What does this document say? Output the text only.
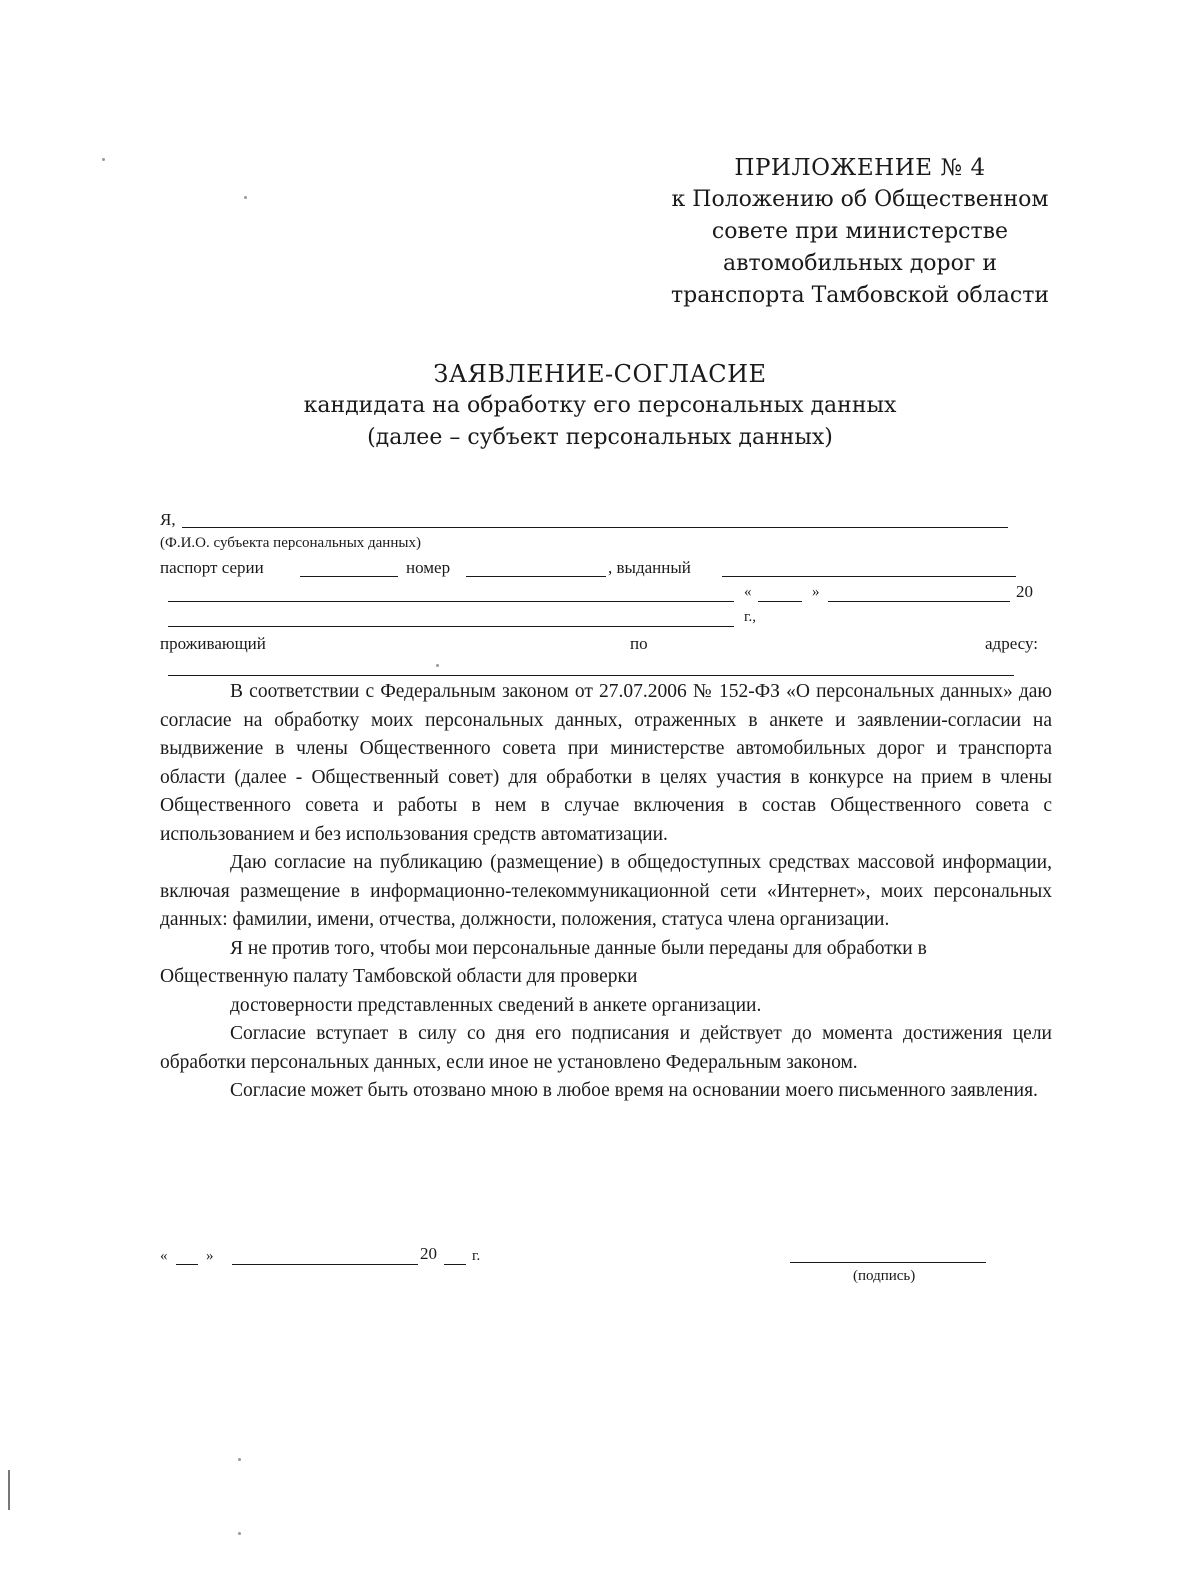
ПРИЛОЖЕНИЕ № 4
к Положению об Общественном
совете при министерстве
автомобильных дорог и
транспорта Тамбовской области
ЗАЯВЛЕНИЕ-СОГЛАСИЕ
кандидата на обработку его персональных данных
(далее – субъект персональных данных)
Я,
(Ф.И.О. субъекта персональных данных)
паспорт серии	номер	, выданный
«	»	20
г.,
проживающий	по	адресу:

В соответствии с Федеральным законом от 27.07.2006 № 152-ФЗ «О персональных данных» даю согласие на обработку моих персональных данных, отраженных в анкете и заявлении-согласии на выдвижение в члены Общественного совета при министерстве автомобильных дорог и транспорта области (далее - Общественный совет) для обработки в целях участия в конкурсе на прием в члены Общественного совета и работы в нем в случае включения в состав Общественного совета с использованием и без использования средств автоматизации.

Даю согласие на публикацию (размещение) в общедоступных средствах массовой информации, включая размещение в информационно-телекоммуникационной сети «Интернет», моих персональных данных: фамилии, имени, отчества, должности, положения, статуса члена организации.

Я не против того, чтобы мои персональные данные были переданы для обработки в Общественную палату Тамбовской области для проверки

достоверности представленных сведений в анкете организации.

Согласие вступает в силу со дня его подписания и действует до момента достижения цели обработки персональных данных, если иное не установлено Федеральным законом.

Согласие может быть отозвано мною в любое время на основании моего письменного заявления.

«	»	20 г.
(подпись)
